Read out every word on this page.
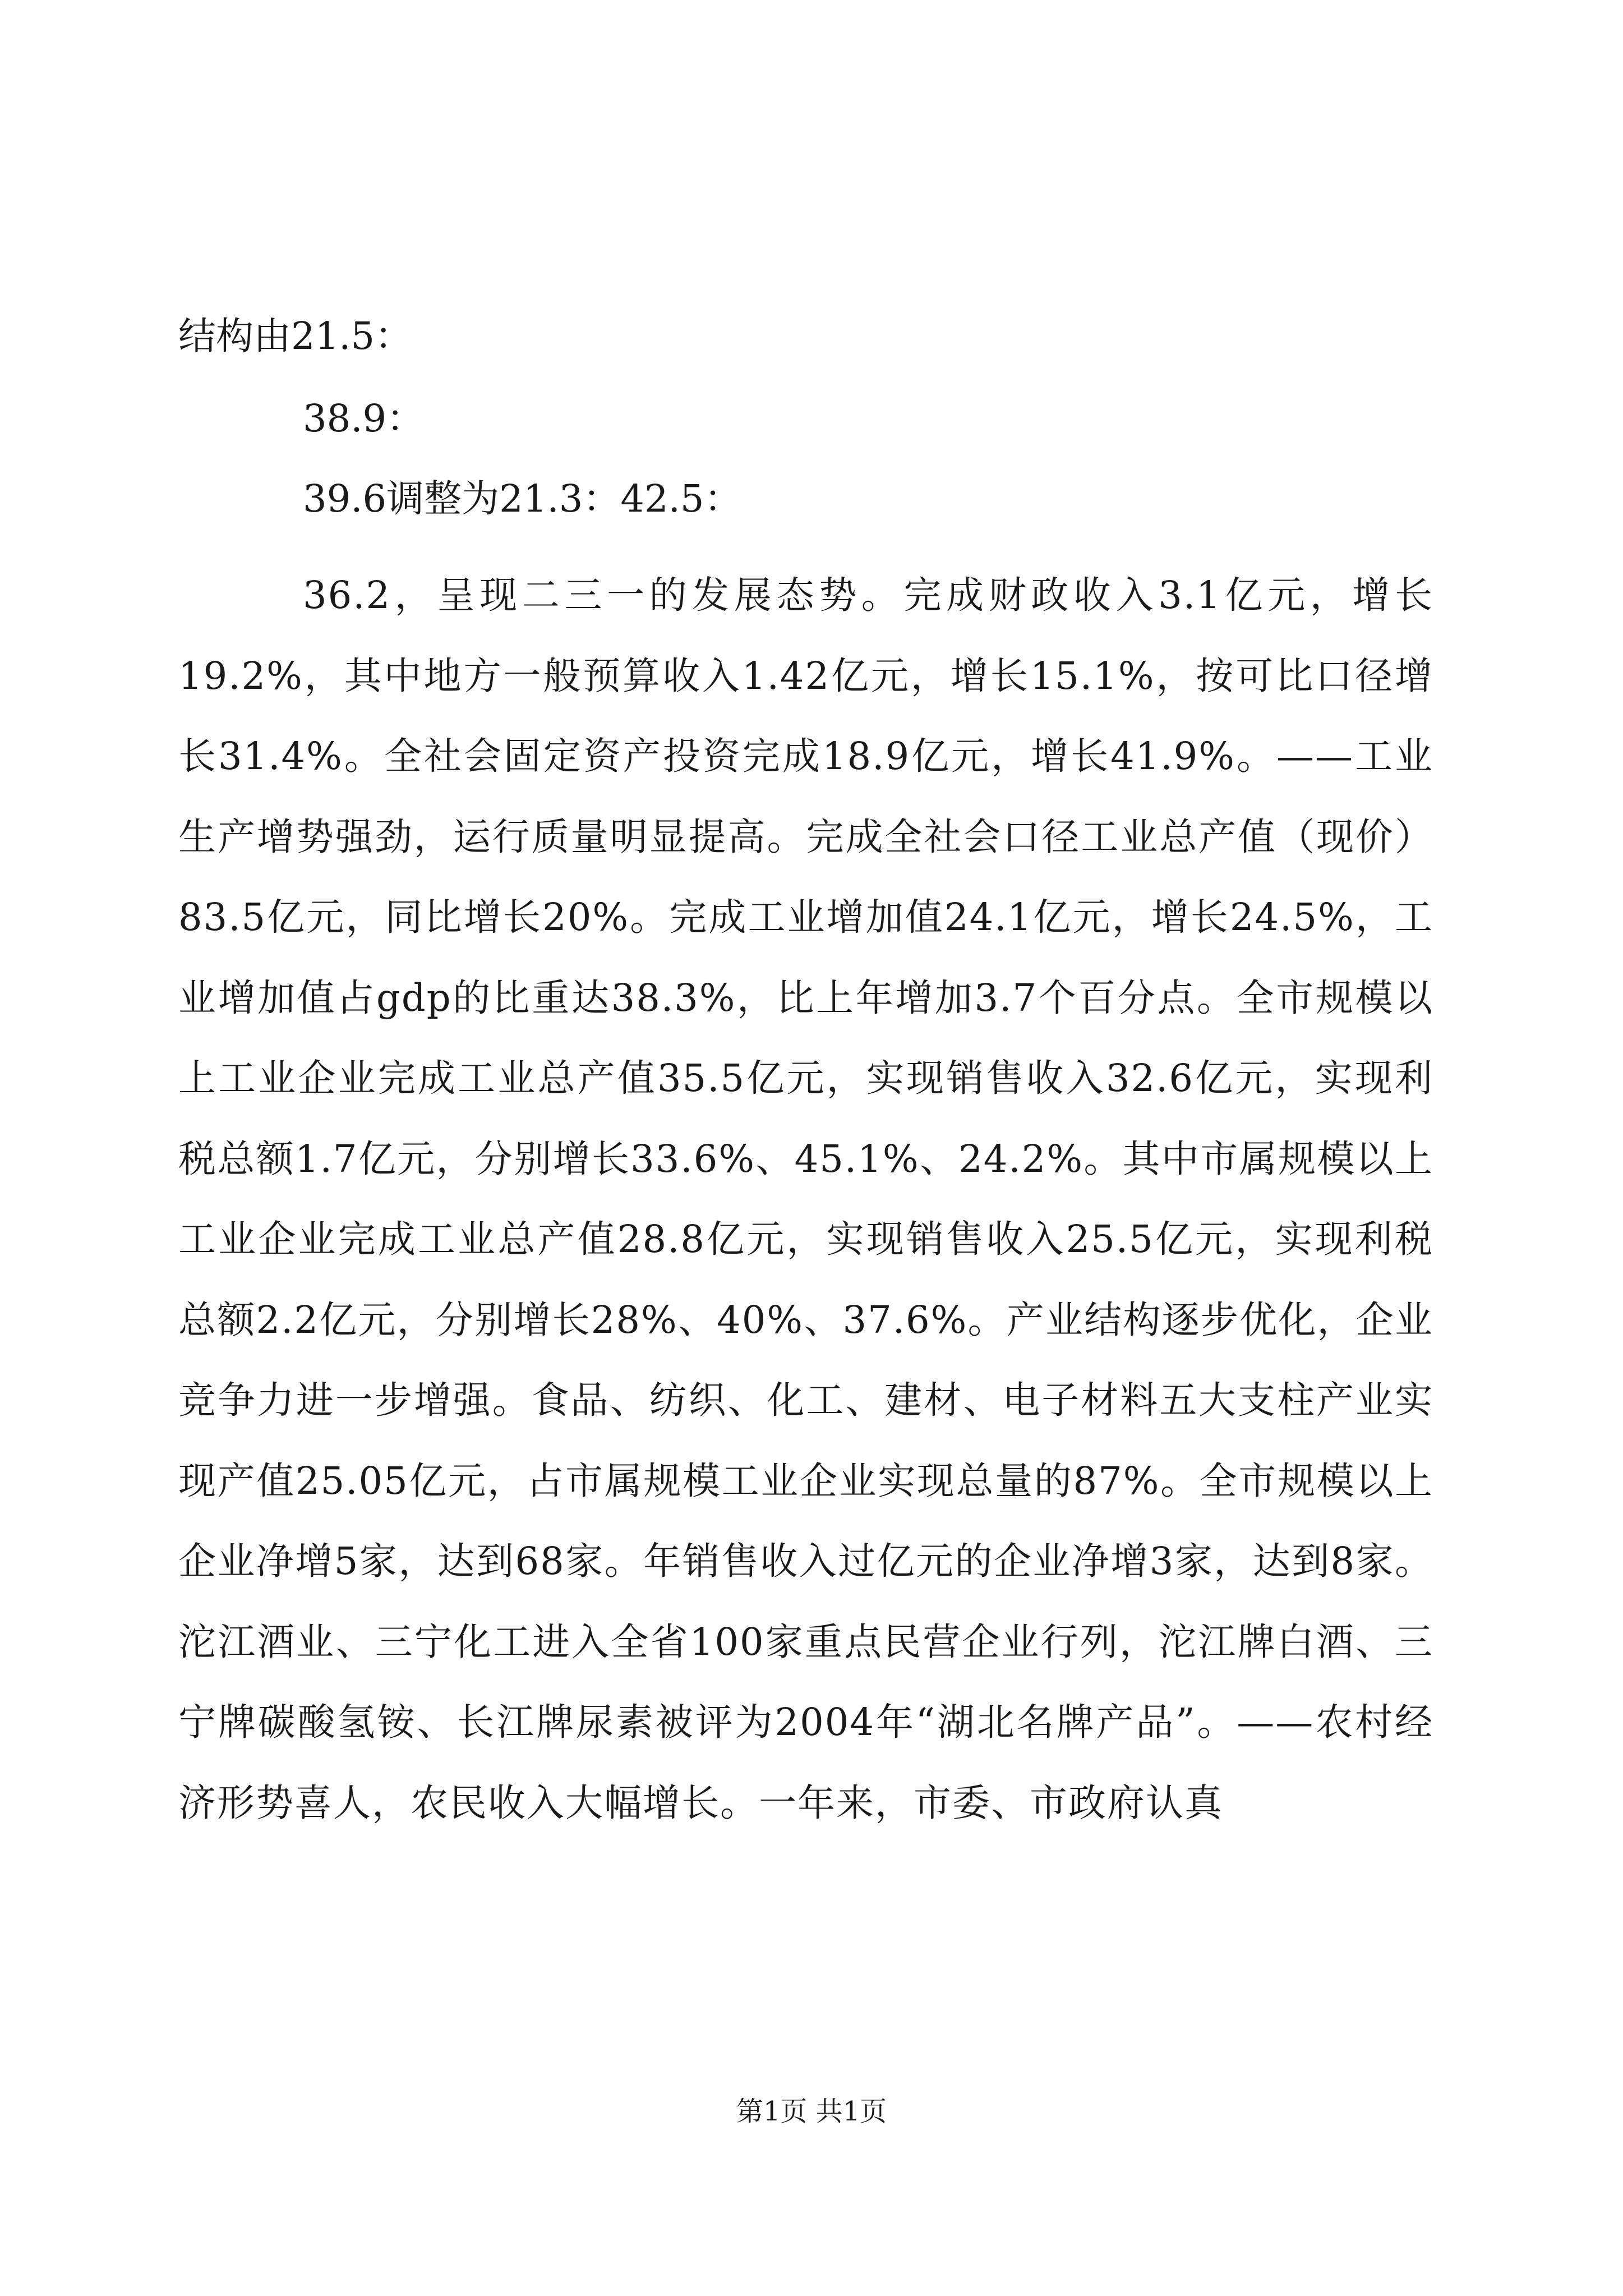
结构由21.5：
38.9：
39.6调整为21.3：42.5：

36.2，呈现二三一的发展态势。完成财政收入3.1亿元，增长19.2%，其中地方一般预算收入1.42亿元，增长15.1%，按可比口径增长31.4%。全社会固定资产投资完成18.9亿元，增长41.9%。——工业生产增势强劲，运行质量明显提高。完成全社会口径工业总产值（现价）83.5亿元，同比增长20%。完成工业增加值24.1亿元，增长24.5%，工业增加值占gdp的比重达38.3%，比上年增加3.7个百分点。全市规模以上工业企业完成工业总产值35.5亿元，实现销售收入32.6亿元，实现利税总额1.7亿元，分别增长33.6%、45.1%、24.2%。其中市属规模以上工业企业完成工业总产值28.8亿元，实现销售收入25.5亿元，实现利税总额2.2亿元，分别增长28%、40%、37.6%。产业结构逐步优化，企业竞争力进一步增强。食品、纺织、化工、建材、电子材料五大支柱产业实现产值25.05亿元，占市属规模工业企业实现总量的87%。全市规模以上企业净增5家，达到68家。年销售收入过亿元的企业净增3家，达到8家。沱江酒业、三宁化工进入全省100家重点民营企业行列，沱江牌白酒、三宁牌碳酸氢铵、长江牌尿素被评为2004年“湖北名牌产品”。——农村经济形势喜人，农民收入大幅增长。一年来，市委、市政府认真

第1页 共1页
